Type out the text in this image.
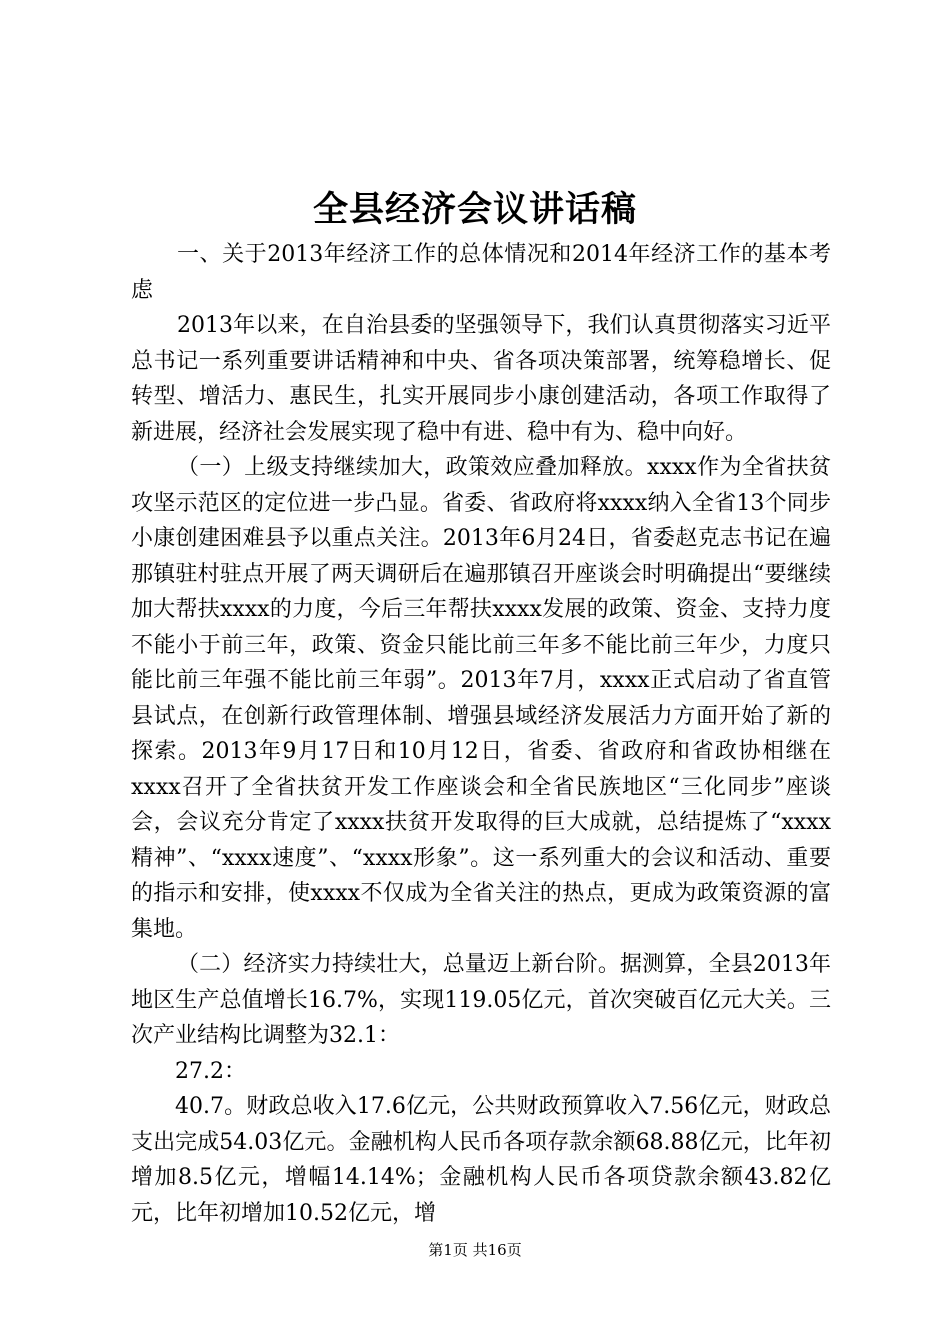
全县经济会议讲话稿

一、关于2013年经济工作的总体情况和2014年经济工作的基本考虑

2013年以来，在自治县委的坚强领导下，我们认真贯彻落实习近平总书记一系列重要讲话精神和中央、省各项决策部署，统筹稳增长、促转型、增活力、惠民生，扎实开展同步小康创建活动，各项工作取得了新进展，经济社会发展实现了稳中有进、稳中有为、稳中向好。

（一）上级支持继续加大，政策效应叠加释放。xxxx作为全省扶贫攻坚示范区的定位进一步凸显。省委、省政府将xxxx纳入全省13个同步小康创建困难县予以重点关注。2013年6月24日，省委赵克志书记在遍那镇驻村驻点开展了两天调研后在遍那镇召开座谈会时明确提出“要继续加大帮扶xxxx的力度，今后三年帮扶xxxx发展的政策、资金、支持力度不能小于前三年，政策、资金只能比前三年多不能比前三年少，力度只能比前三年强不能比前三年弱”。2013年7月，xxxx正式启动了省直管县试点，在创新行政管理体制、增强县域经济发展活力方面开始了新的探索。2013年9月17日和10月12日，省委、省政府和省政协相继在xxxx召开了全省扶贫开发工作座谈会和全省民族地区“三化同步”座谈会，会议充分肯定了xxxx扶贫开发取得的巨大成就，总结提炼了“xxxx精神”、“xxxx速度”、“xxxx形象”。这一系列重大的会议和活动、重要的指示和安排，使xxxx不仅成为全省关注的热点，更成为政策资源的富集地。

（二）经济实力持续壮大，总量迈上新台阶。据测算，全县2013年地区生产总值增长16.7%，实现119.05亿元，首次突破百亿元大关。三次产业结构比调整为32.1：

27.2：

40.7。财政总收入17.6亿元，公共财政预算收入7.56亿元，财政总支出完成54.03亿元。金融机构人民币各项存款余额68.88亿元，比年初增加8.5亿元，增幅14.14%；金融机构人民币各项贷款余额43.82亿元，比年初增加10.52亿元，增

第1页 共16页
